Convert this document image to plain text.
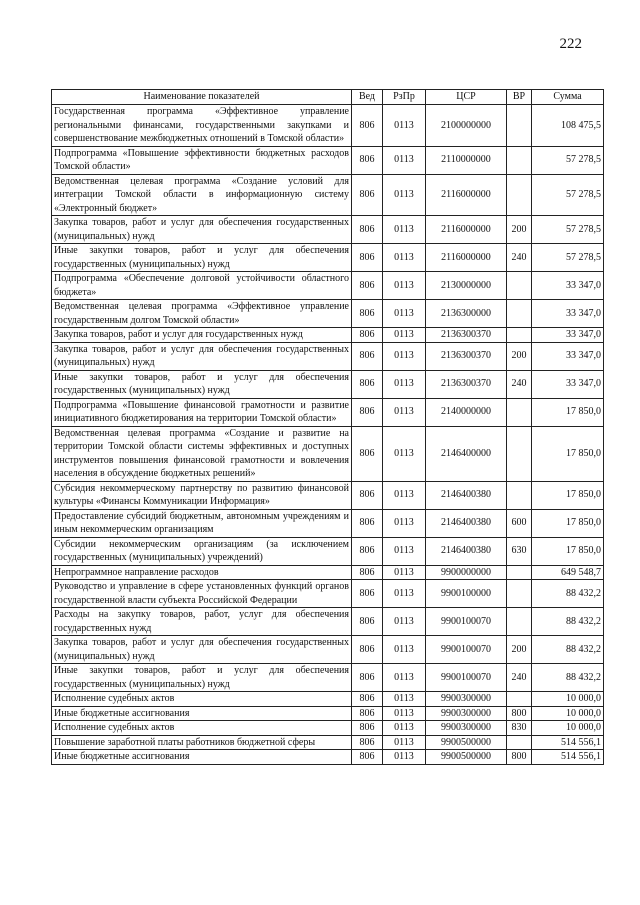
222
Наименование показателей	Вед	РзПр	ЦСР	ВР	Сумма
Государственная программа «Эффективное управление региональными финансами, государственными закупками и совершенствование межбюджетных отношений в Томской области»	806	0113	2100000000		108 475,5
Подпрограмма «Повышение эффективности бюджетных расходов Томской области»	806	0113	2110000000		57 278,5
Ведомственная целевая программа «Создание условий для интеграции Томской области в информационную систему «Электронный бюджет»	806	0113	2116000000		57 278,5
Закупка товаров, работ и услуг для обеспечения государственных (муниципальных) нужд	806	0113	2116000000	200	57 278,5
Иные закупки товаров, работ и услуг для обеспечения государственных (муниципальных) нужд	806	0113	2116000000	240	57 278,5
Подпрограмма «Обеспечение долговой устойчивости областного бюджета»	806	0113	2130000000		33 347,0
Ведомственная целевая программа «Эффективное управление государственным долгом Томской области»	806	0113	2136300000		33 347,0
Закупка товаров, работ и услуг для государственных нужд	806	0113	2136300370		33 347,0
Закупка товаров, работ и услуг для обеспечения государственных (муниципальных) нужд	806	0113	2136300370	200	33 347,0
Иные закупки товаров, работ и услуг для обеспечения государственных (муниципальных) нужд	806	0113	2136300370	240	33 347,0
Подпрограмма «Повышение финансовой грамотности и развитие инициативного бюджетирования на территории Томской области»	806	0113	2140000000		17 850,0
Ведомственная целевая программа «Создание и развитие на территории Томской области системы эффективных и доступных инструментов повышения финансовой грамотности и вовлечения населения в обсуждение бюджетных решений»	806	0113	2146400000		17 850,0
Субсидия некоммерческому партнерству по развитию финансовой культуры «Финансы Коммуникации Информация»	806	0113	2146400380		17 850,0
Предоставление субсидий бюджетным, автономным учреждениям и иным некоммерческим организациям	806	0113	2146400380	600	17 850,0
Субсидии некоммерческим организациям (за исключением государственных (муниципальных) учреждений)	806	0113	2146400380	630	17 850,0
Непрограммное направление расходов	806	0113	9900000000		649 548,7
Руководство и управление в сфере установленных функций органов государственной власти субъекта Российской Федерации	806	0113	9900100000		88 432,2
Расходы на закупку товаров, работ, услуг для обеспечения государственных нужд	806	0113	9900100070		88 432,2
Закупка товаров, работ и услуг для обеспечения государственных (муниципальных) нужд	806	0113	9900100070	200	88 432,2
Иные закупки товаров, работ и услуг для обеспечения государственных (муниципальных) нужд	806	0113	9900100070	240	88 432,2
Исполнение судебных актов	806	0113	9900300000		10 000,0
Иные бюджетные ассигнования	806	0113	9900300000	800	10 000,0
Исполнение судебных актов	806	0113	9900300000	830	10 000,0
Повышение заработной платы работников бюджетной сферы	806	0113	9900500000		514 556,1
Иные бюджетные ассигнования	806	0113	9900500000	800	514 556,1
